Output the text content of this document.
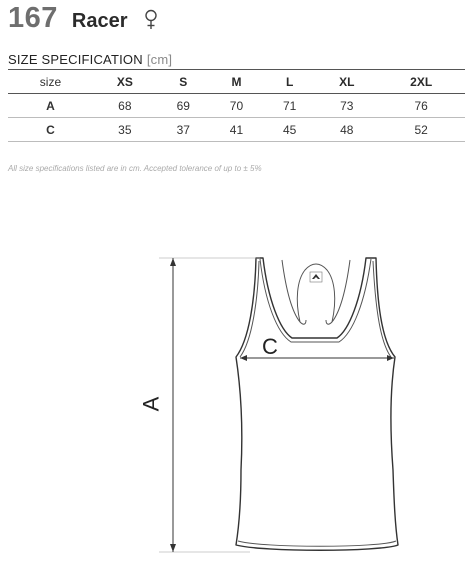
167 Racer
SIZE SPECIFICATION [cm]
size	XS	S	M	L	XL	2XL
A	68	69	70	71	73	76
C	35	37	41	45	48	52
All size specifications listed are in cm. Accepted tolerance of up to ± 5%
A
C
